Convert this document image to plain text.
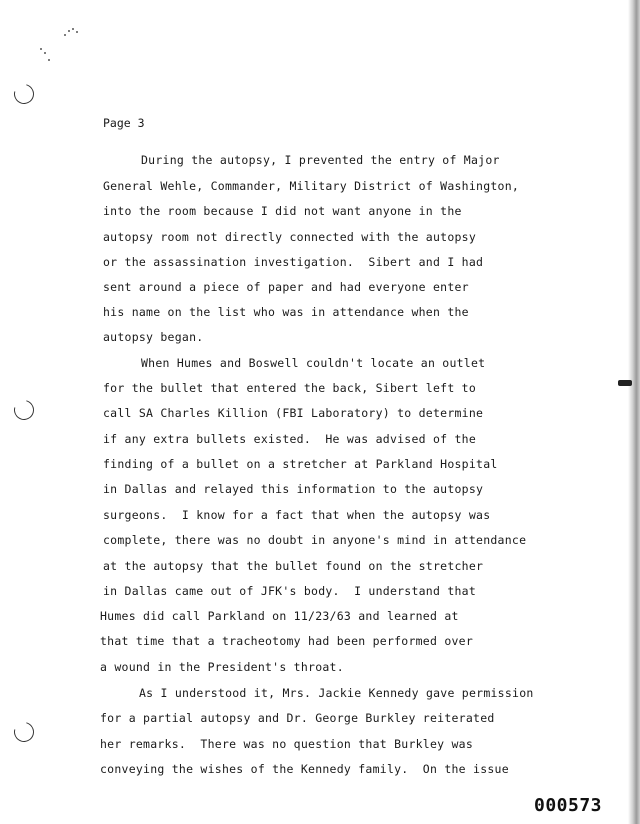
Page 3
During the autopsy, I prevented the entry of Major
General Wehle, Commander, Military District of Washington,
into the room because I did not want anyone in the
autopsy room not directly connected with the autopsy
or the assassination investigation.  Sibert and I had
sent around a piece of paper and had everyone enter
his name on the list who was in attendance when the
autopsy began.
When Humes and Boswell couldn't locate an outlet
for the bullet that entered the back, Sibert left to
call SA Charles Killion (FBI Laboratory) to determine
if any extra bullets existed.  He was advised of the
finding of a bullet on a stretcher at Parkland Hospital
in Dallas and relayed this information to the autopsy
surgeons.  I know for a fact that when the autopsy was
complete, there was no doubt in anyone's mind in attendance
at the autopsy that the bullet found on the stretcher
in Dallas came out of JFK's body.  I understand that
Humes did call Parkland on 11/23/63 and learned at
that time that a tracheotomy had been performed over
a wound in the President's throat.
As I understood it, Mrs. Jackie Kennedy gave permission
for a partial autopsy and Dr. George Burkley reiterated
her remarks.  There was no question that Burkley was
conveying the wishes of the Kennedy family.  On the issue
000573
